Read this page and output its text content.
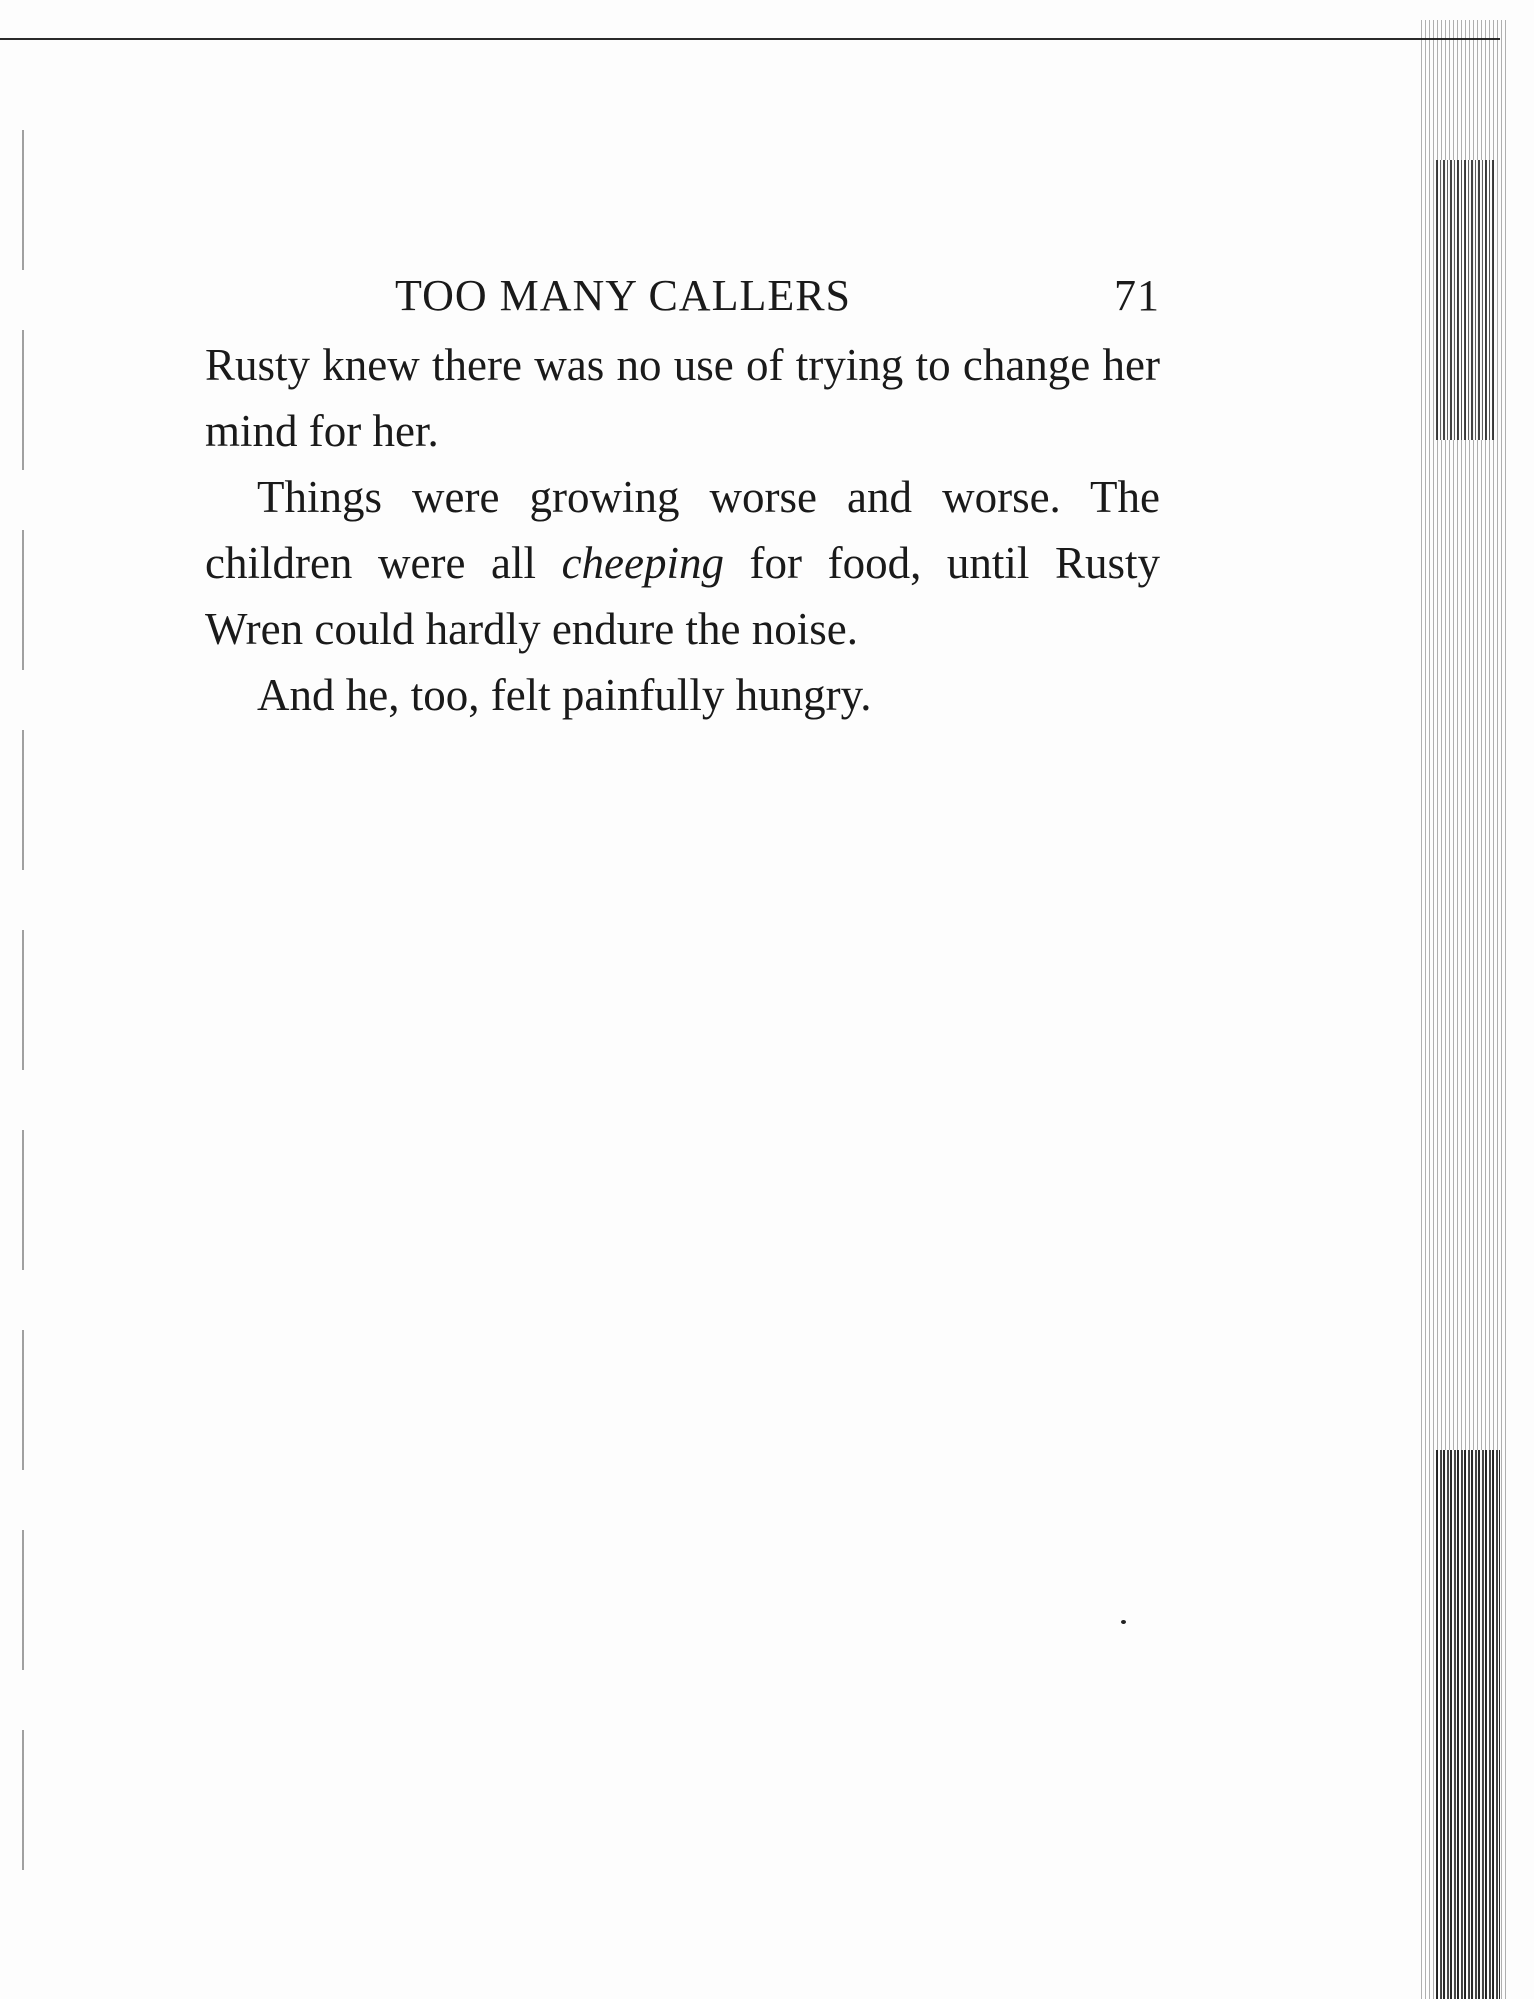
TOO MANY CALLERS	71

Rusty knew there was no use of trying to change her mind for her.

Things were growing worse and worse. The children were all cheeping for food, until Rusty Wren could hardly endure the noise.

And he, too, felt painfully hungry.
